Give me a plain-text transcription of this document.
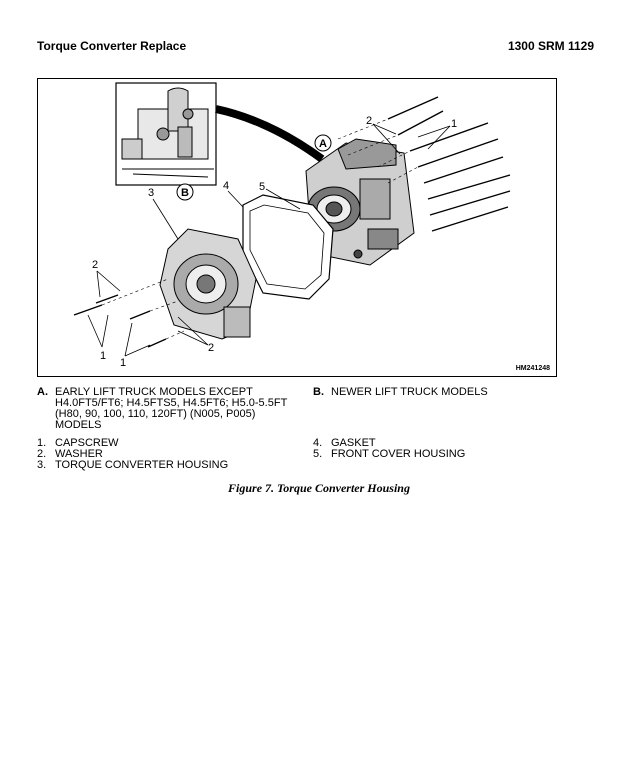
Torque Converter Replace	1300 SRM 1129
A
B
3
4	5
2	1
2
1
1
2
HM241248
A. EARLY LIFT TRUCK MODELS EXCEPT H4.0FT5/FT6; H4.5FTS5, H4.5FT6; H5.0-5.5FT (H80, 90, 100, 110, 120FT) (N005, P005) MODELS
B. NEWER LIFT TRUCK MODELS
1. CAPSCREW
2. WASHER
3. TORQUE CONVERTER HOUSING
4. GASKET
5. FRONT COVER HOUSING
Figure 7. Torque Converter Housing
